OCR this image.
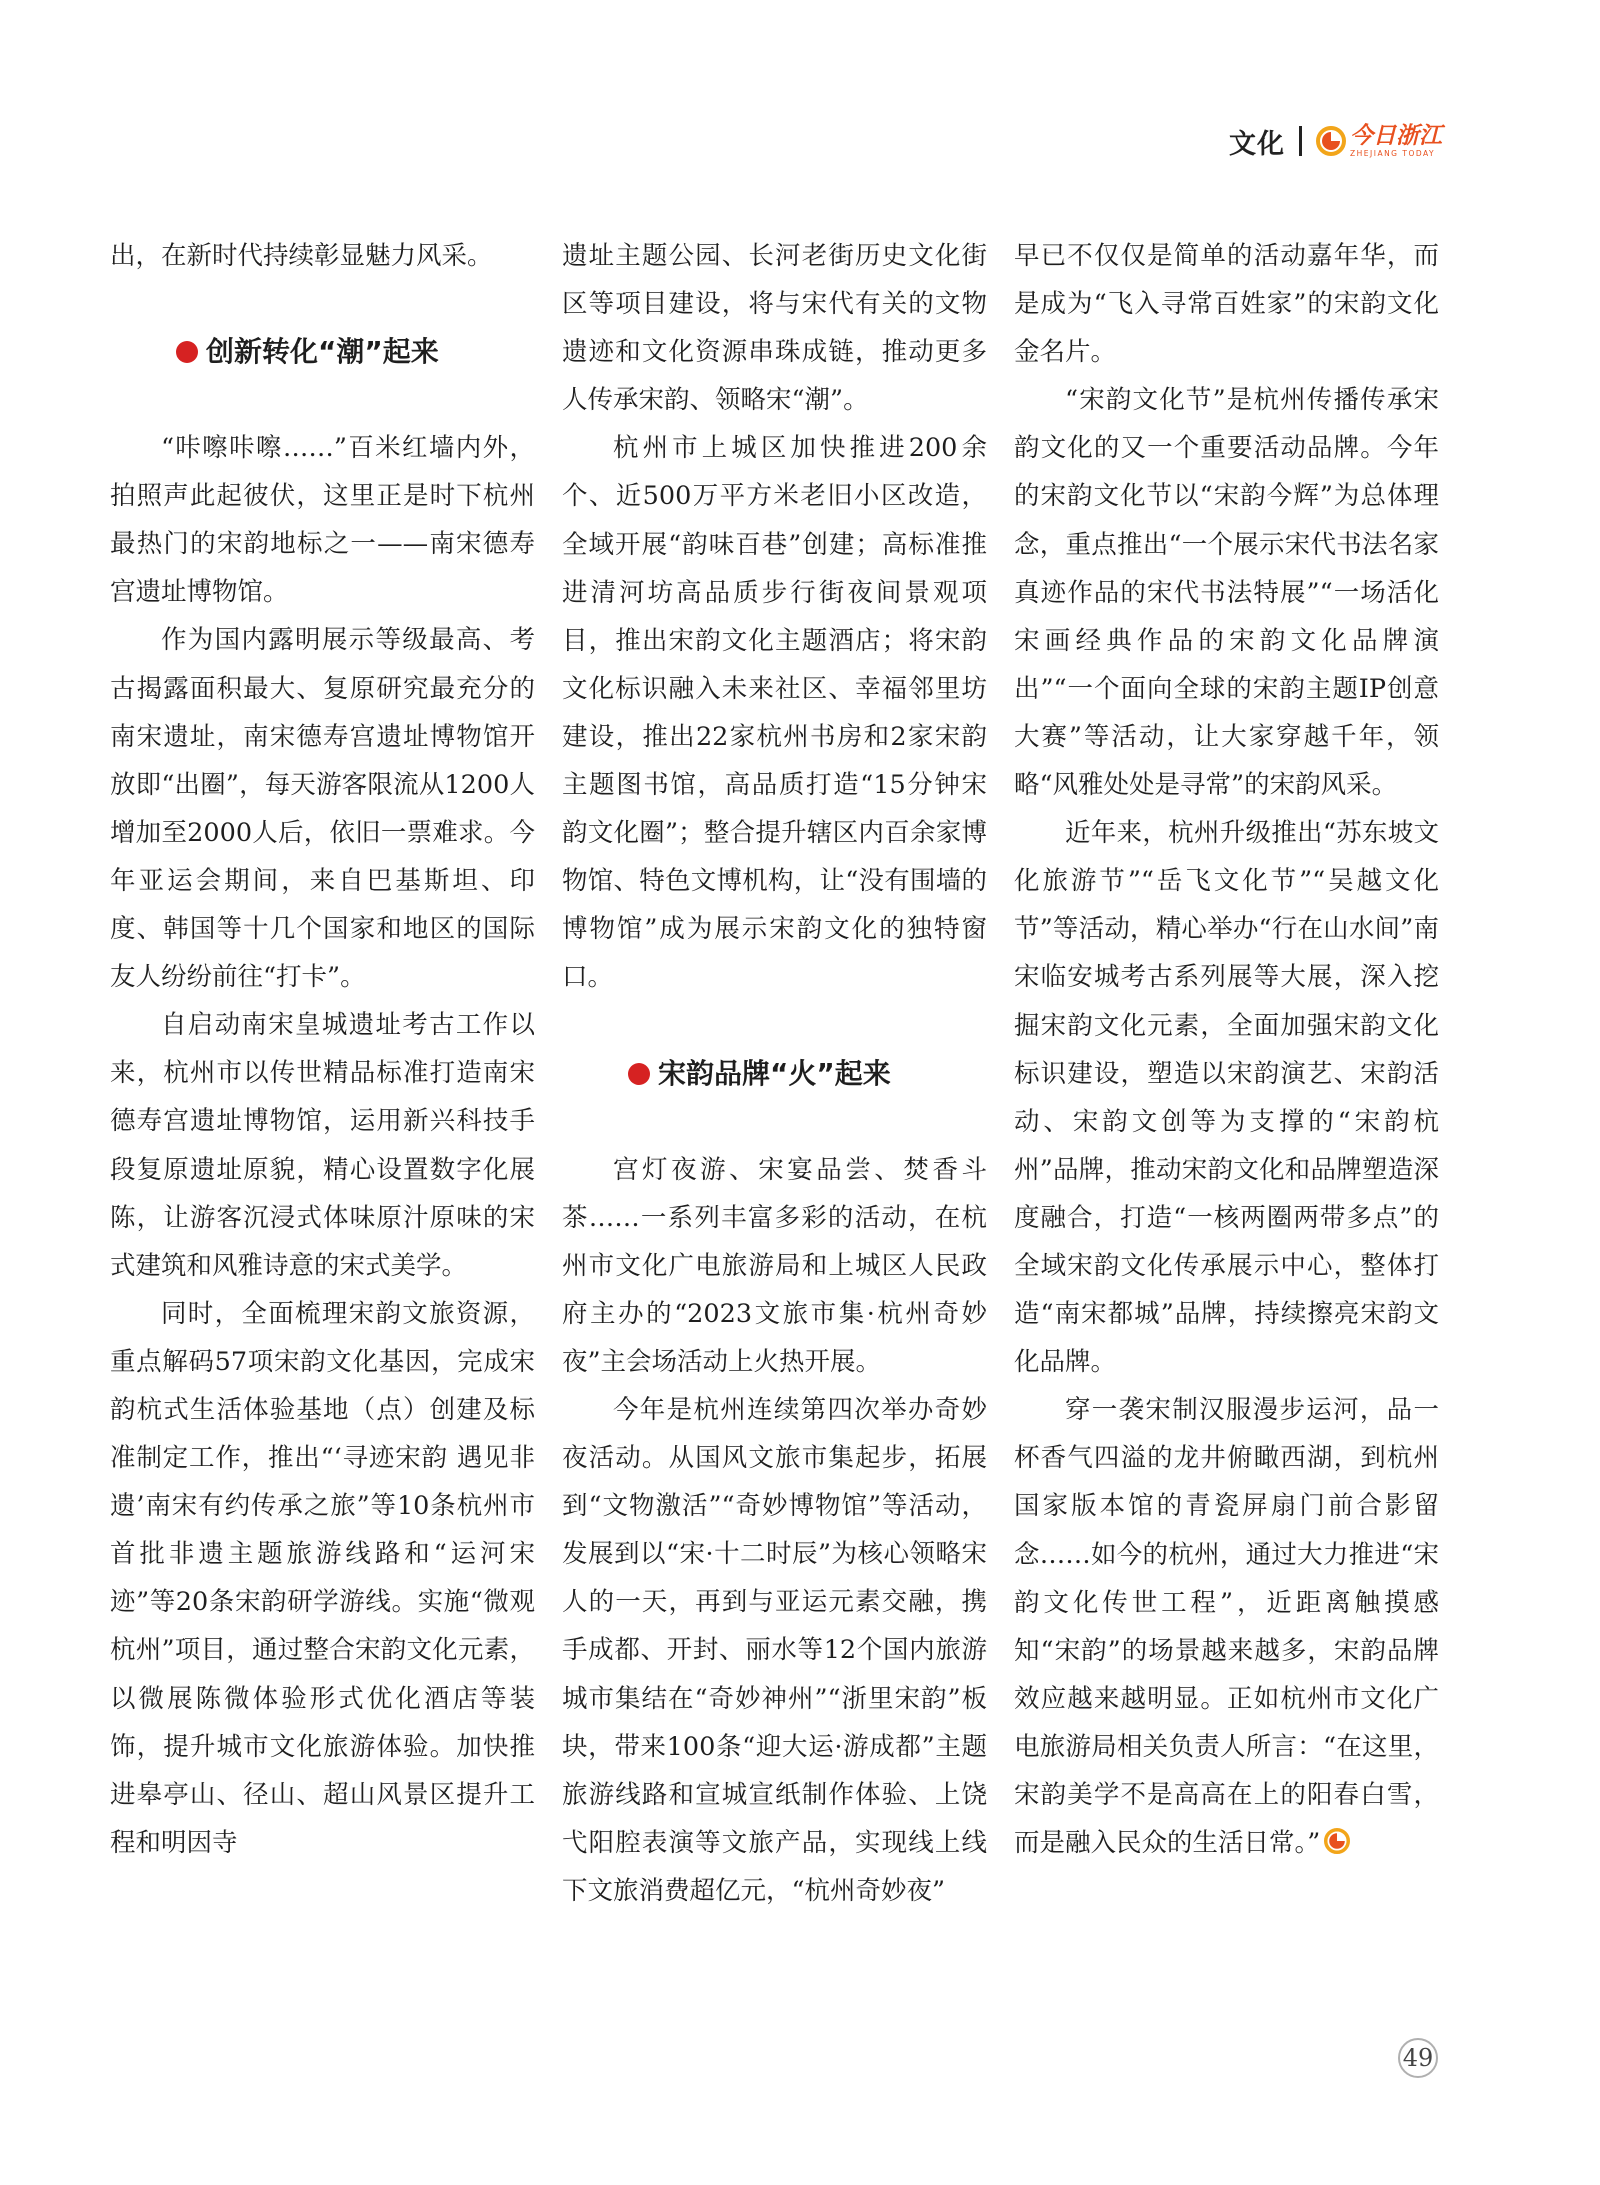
文化	今日浙江
ZHEJIANG TODAY

出，在新时代持续彰显魅力风采。

创新转化“潮”起来

“咔嚓咔嚓……”百米红墙内外，拍照声此起彼伏，这里正是时下杭州最热门的宋韵地标之一——南宋德寿宫遗址博物馆。

作为国内露明展示等级最高、考古揭露面积最大、复原研究最充分的南宋遗址，南宋德寿宫遗址博物馆开放即“出圈”，每天游客限流从1200人增加至2000人后，依旧一票难求。今年亚运会期间，来自巴基斯坦、印度、韩国等十几个国家和地区的国际友人纷纷前往“打卡”。

自启动南宋皇城遗址考古工作以来，杭州市以传世精品标准打造南宋德寿宫遗址博物馆，运用新兴科技手段复原遗址原貌，精心设置数字化展陈，让游客沉浸式体味原汁原味的宋式建筑和风雅诗意的宋式美学。

同时，全面梳理宋韵文旅资源，重点解码57项宋韵文化基因，完成宋韵杭式生活体验基地（点）创建及标准制定工作，推出“‘寻迹宋韵 遇见非遗’南宋有约传承之旅”等10条杭州市首批非遗主题旅游线路和“运河宋迹”等20条宋韵研学游线。实施“微观杭州”项目，通过整合宋韵文化元素，以微展陈微体验形式优化酒店等装饰，提升城市文化旅游体验。加快推进皋亭山、径山、超山风景区提升工程和明因寺

遗址主题公园、长河老街历史文化街区等项目建设，将与宋代有关的文物遗迹和文化资源串珠成链，推动更多人传承宋韵、领略宋“潮”。

杭州市上城区加快推进200余个、近500万平方米老旧小区改造，全域开展“韵味百巷”创建；高标准推进清河坊高品质步行街夜间景观项目，推出宋韵文化主题酒店；将宋韵文化标识融入未来社区、幸福邻里坊建设，推出22家杭州书房和2家宋韵主题图书馆，高品质打造“15分钟宋韵文化圈”；整合提升辖区内百余家博物馆、特色文博机构，让“没有围墙的博物馆”成为展示宋韵文化的独特窗口。

宋韵品牌“火”起来

宫灯夜游、宋宴品尝、焚香斗茶……一系列丰富多彩的活动，在杭州市文化广电旅游局和上城区人民政府主办的“2023文旅市集·杭州奇妙夜”主会场活动上火热开展。

今年是杭州连续第四次举办奇妙夜活动。从国风文旅市集起步，拓展到“文物激活”“奇妙博物馆”等活动，发展到以“宋·十二时辰”为核心领略宋人的一天，再到与亚运元素交融，携手成都、开封、丽水等12个国内旅游城市集结在“奇妙神州”“浙里宋韵”板块，带来100条“迎大运·游成都”主题旅游线路和宣城宣纸制作体验、上饶弋阳腔表演等文旅产品，实现线上线下文旅消费超亿元，“杭州奇妙夜”

早已不仅仅是简单的活动嘉年华，而是成为“飞入寻常百姓家”的宋韵文化金名片。

“宋韵文化节”是杭州传播传承宋韵文化的又一个重要活动品牌。今年的宋韵文化节以“宋韵今辉”为总体理念，重点推出“一个展示宋代书法名家真迹作品的宋代书法特展”“一场活化宋画经典作品的宋韵文化品牌演出”“一个面向全球的宋韵主题IP创意大赛”等活动，让大家穿越千年，领略“风雅处处是寻常”的宋韵风采。

近年来，杭州升级推出“苏东坡文化旅游节”“岳飞文化节”“吴越文化节”等活动，精心举办“行在山水间”南宋临安城考古系列展等大展，深入挖掘宋韵文化元素，全面加强宋韵文化标识建设，塑造以宋韵演艺、宋韵活动、宋韵文创等为支撑的“宋韵杭州”品牌，推动宋韵文化和品牌塑造深度融合，打造“一核两圈两带多点”的全域宋韵文化传承展示中心，整体打造“南宋都城”品牌，持续擦亮宋韵文化品牌。

穿一袭宋制汉服漫步运河，品一杯香气四溢的龙井俯瞰西湖，到杭州国家版本馆的青瓷屏扇门前合影留念……如今的杭州，通过大力推进“宋韵文化传世工程”，近距离触摸感知“宋韵”的场景越来越多，宋韵品牌效应越来越明显。正如杭州市文化广电旅游局相关负责人所言：“在这里，宋韵美学不是高高在上的阳春白雪，而是融入民众的生活日常。”

49
